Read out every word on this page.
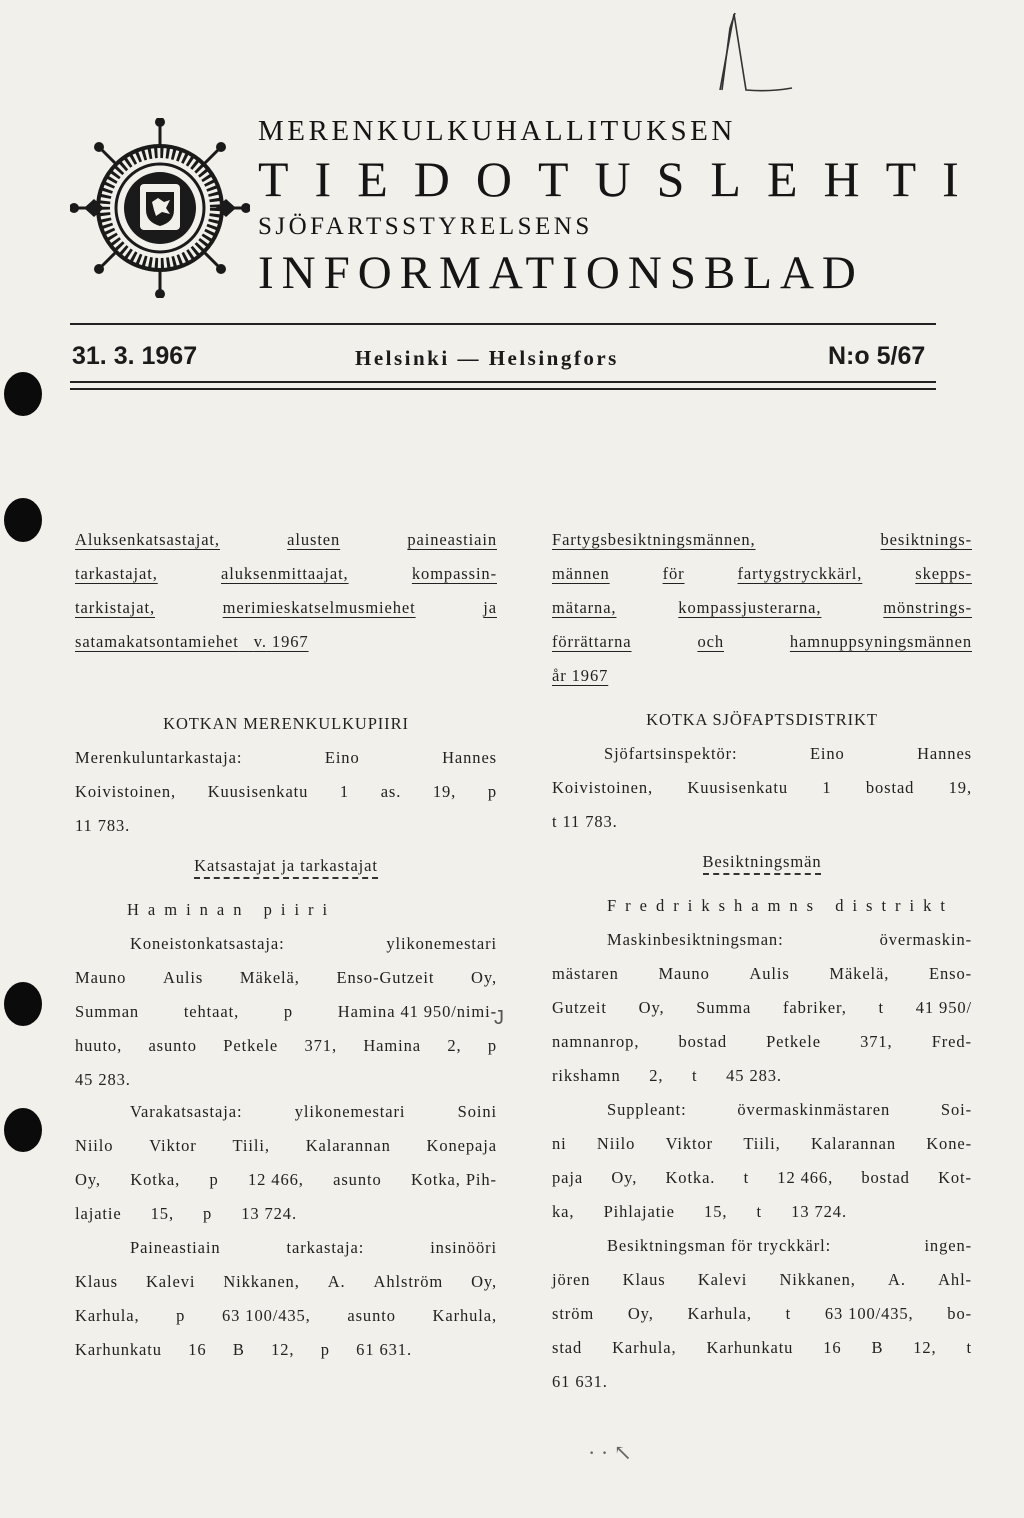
MERENKULKUHALLITUKSEN
TIEDOTUSLEHTI
SJÖFARTSSTYRELSENS
INFORMATIONSBLAD
31. 3. 1967	Helsinki — Helsingfors	N:o 5/67
Aluksenkatsastajat,	alusten	paineastiain
tarkastajat,	aluksenmittaajat,	kompassin-
tarkistajat,	merimieskatselmusmiehet	ja
satamakatsontamiehet v. 1967
KOTKAN MERENKULKUPIIRI
Merenkuluntarkastaja:	Eino	Hannes
Koivistoinen, Kuusisenkatu 1 as. 19, p
11 783.
Katsastajat ja tarkastajat
Haminan piiri
Koneistonkatsastaja:	ylikonemestari
Mauno Aulis Mäkelä, Enso-Gutzeit Oy,
Summan	tehtaat,	p	Hamina 41 950/nimi-
huuto, asunto Petkele 371, Hamina 2, p
45 283.
Varakatsastaja:	ylikonemestari	Soini
Niilo Viktor Tiili, Kalarannan Konepaja
Oy, Kotka, p 12 466, asunto Kotka, Pih-
lajatie 15, p 13 724.
Paineastiain	tarkastaja:	insinööri
Klaus Kalevi Nikkanen, A. Ahlström Oy,
Karhula, p 63 100/435, asunto Karhula,
Karhunkatu 16 B 12, p 61 631.
Fartygsbesiktningsmännen,	besiktnings-
männen	för	fartygstryckkärl,	skepps-
mätarna,	kompassjusterarna,	mönstrings-
förrättarna	och	hamnuppsyningsmännen
år 1967
KOTKA SJÖFAPTSDISTRIKT
Sjöfartsinspektör:	Eino	Hannes
Koivistoinen, Kuusisenkatu 1 bostad 19,
t 11 783.
Besiktningsmän
Fredrikshamns distrikt
Maskinbesiktningsman:	övermaskin-
mästaren Mauno Aulis Mäkelä, Enso-
Gutzeit Oy, Summa fabriker, t 41 950/
namnanrop, bostad Petkele 371, Fred-
rikshamn 2, t 45 283.
Suppleant:	övermaskinmästaren	Soi-
ni Niilo Viktor Tiili, Kalarannan Kone-
paja Oy, Kotka. t 12 466, bostad Kot-
ka, Pihlajatie 15, t 13 724.
Besiktningsman för tryckkärl:	ingen-
jören Klaus Kalevi Nikkanen, A. Ahl-
ström Oy, Karhula, t 63 100/435, bo-
stad Karhula, Karhunkatu 16 B 12, t
61 631.
J
· · ↖
